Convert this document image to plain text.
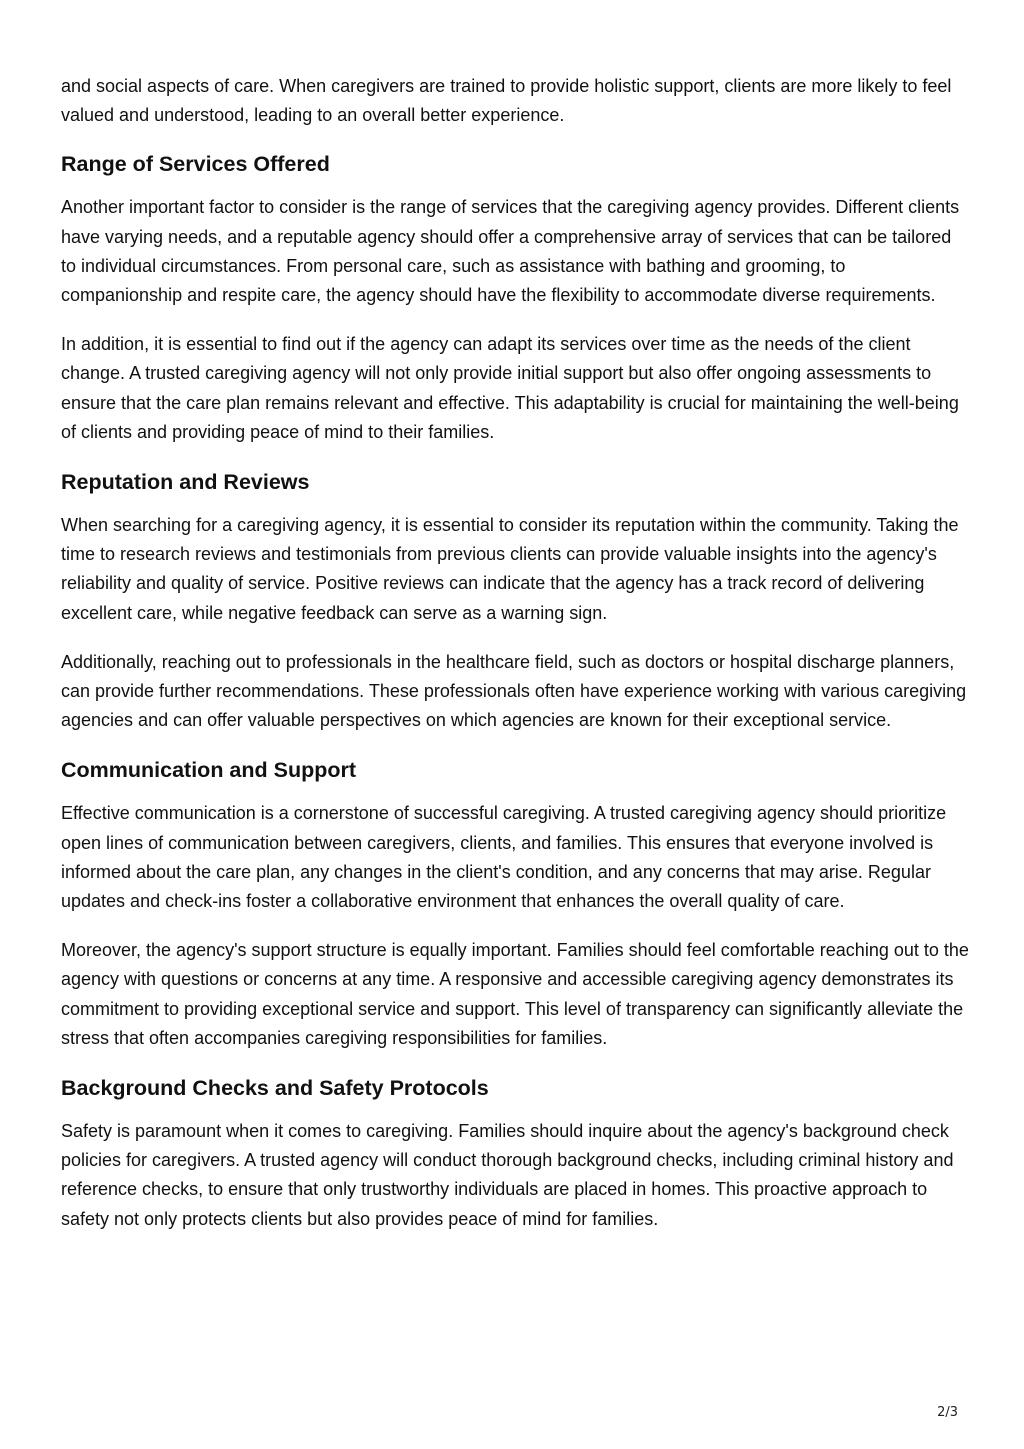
and social aspects of care. When caregivers are trained to provide holistic support, clients are more likely to feel valued and understood, leading to an overall better experience.

Range of Services Offered

Another important factor to consider is the range of services that the caregiving agency provides. Different clients have varying needs, and a reputable agency should offer a comprehensive array of services that can be tailored to individual circumstances. From personal care, such as assistance with bathing and grooming, to companionship and respite care, the agency should have the flexibility to accommodate diverse requirements.

In addition, it is essential to find out if the agency can adapt its services over time as the needs of the client change. A trusted caregiving agency will not only provide initial support but also offer ongoing assessments to ensure that the care plan remains relevant and effective. This adaptability is crucial for maintaining the well-being of clients and providing peace of mind to their families.

Reputation and Reviews

When searching for a caregiving agency, it is essential to consider its reputation within the community. Taking the time to research reviews and testimonials from previous clients can provide valuable insights into the agency's reliability and quality of service. Positive reviews can indicate that the agency has a track record of delivering excellent care, while negative feedback can serve as a warning sign.

Additionally, reaching out to professionals in the healthcare field, such as doctors or hospital discharge planners, can provide further recommendations. These professionals often have experience working with various caregiving agencies and can offer valuable perspectives on which agencies are known for their exceptional service.

Communication and Support

Effective communication is a cornerstone of successful caregiving. A trusted caregiving agency should prioritize open lines of communication between caregivers, clients, and families. This ensures that everyone involved is informed about the care plan, any changes in the client's condition, and any concerns that may arise. Regular updates and check-ins foster a collaborative environment that enhances the overall quality of care.

Moreover, the agency's support structure is equally important. Families should feel comfortable reaching out to the agency with questions or concerns at any time. A responsive and accessible caregiving agency demonstrates its commitment to providing exceptional service and support. This level of transparency can significantly alleviate the stress that often accompanies caregiving responsibilities for families.

Background Checks and Safety Protocols

Safety is paramount when it comes to caregiving. Families should inquire about the agency's background check policies for caregivers. A trusted agency will conduct thorough background checks, including criminal history and reference checks, to ensure that only trustworthy individuals are placed in homes. This proactive approach to safety not only protects clients but also provides peace of mind for families.

2/3
